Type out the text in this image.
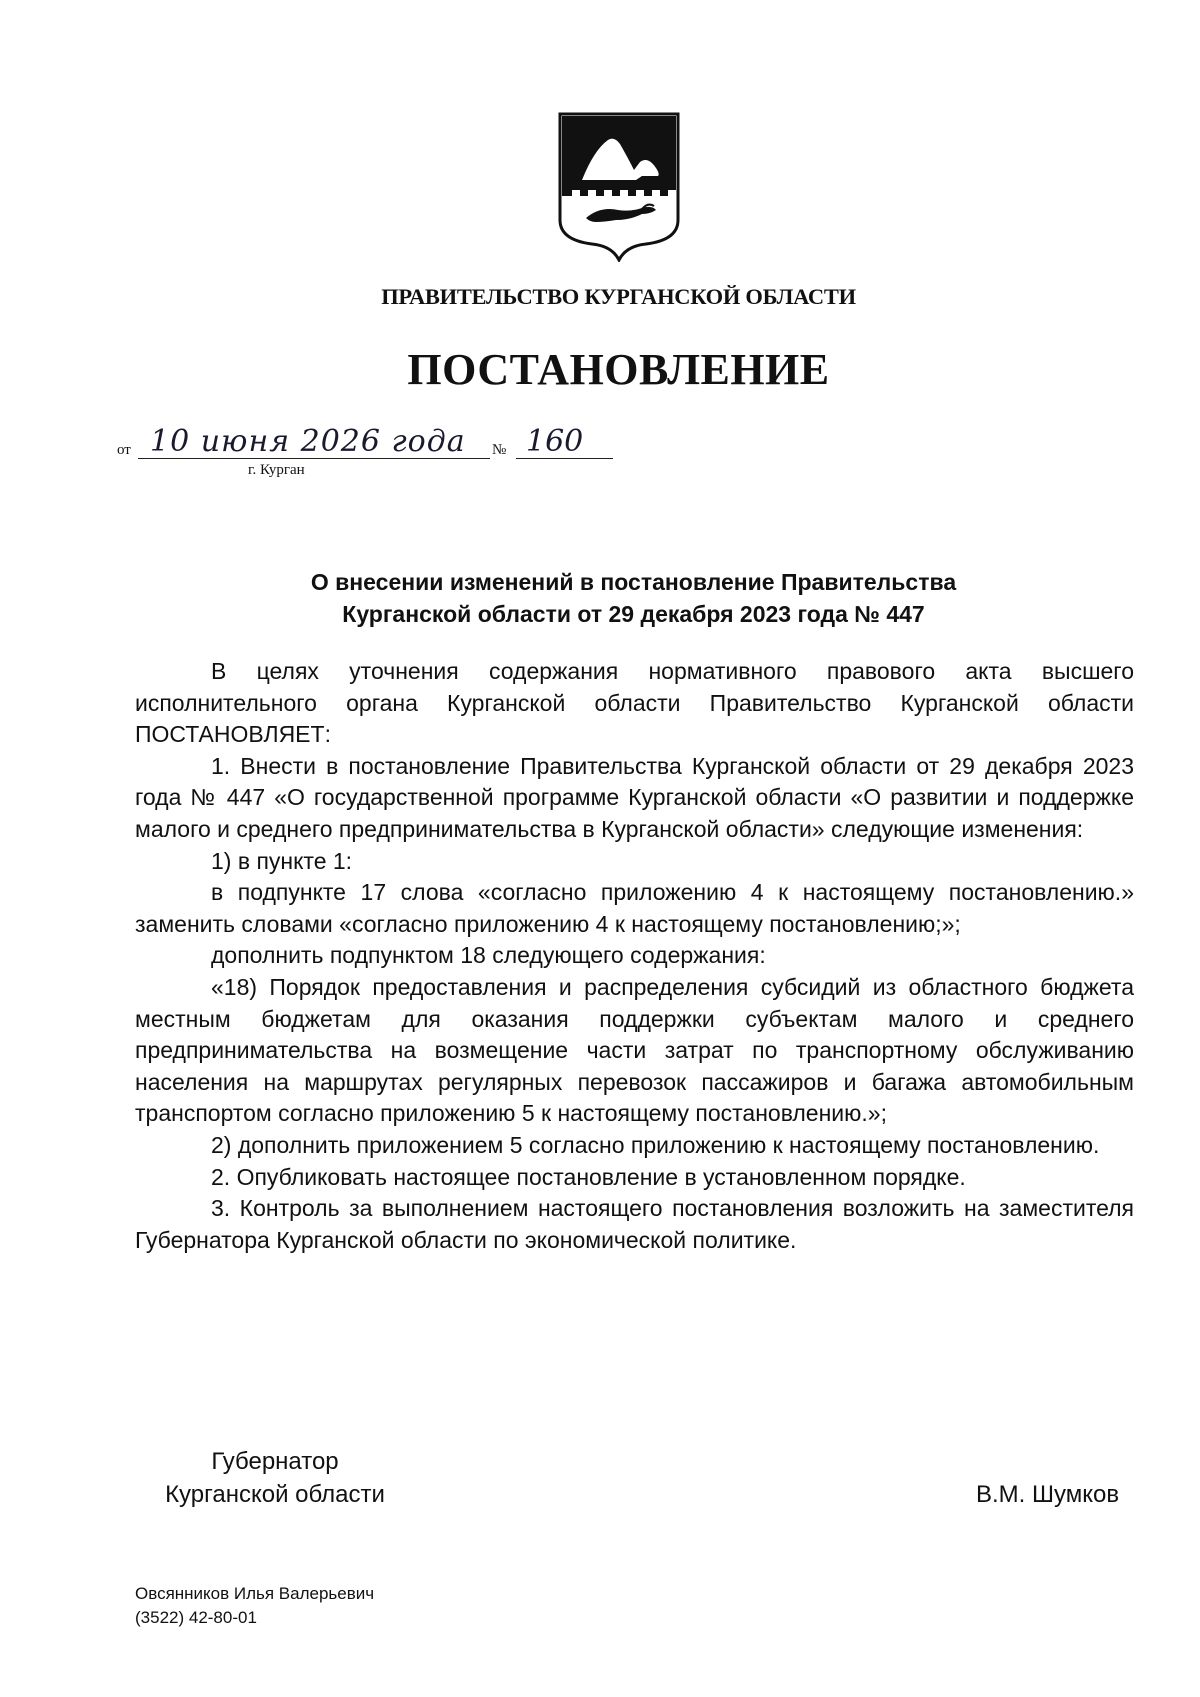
ПРАВИТЕЛЬСТВО КУРГАНСКОЙ ОБЛАСТИ
ПОСТАНОВЛЕНИЕ
от 10 июня 2026 года № 160
г. Курган
О внесении изменений в постановление Правительства
Курганской области от 29 декабря 2023 года № 447

В целях уточнения содержания нормативного правового акта высшего исполнительного органа Курганской области Правительство Курганской области ПОСТАНОВЛЯЕТ:

1. Внести в постановление Правительства Курганской области от 29 декабря 2023 года № 447 «О государственной программе Курганской области «О развитии и поддержке малого и среднего предпринимательства в Курганской области» следующие изменения:

1) в пункте 1:

в подпункте 17 слова «согласно приложению 4 к настоящему постановлению.» заменить словами «согласно приложению 4 к настоящему постановлению;»;

дополнить подпунктом 18 следующего содержания:

«18) Порядок предоставления и распределения субсидий из областного бюджета местным бюджетам для оказания поддержки субъектам малого и среднего предпринимательства на возмещение части затрат по транспортному обслуживанию населения на маршрутах регулярных перевозок пассажиров и багажа автомобильным транспортом согласно приложению 5 к настоящему постановлению.»;

2) дополнить приложением 5 согласно приложению к настоящему постановлению.

2. Опубликовать настоящее постановление в установленном порядке.

3. Контроль за выполнением настоящего постановления возложить на заместителя Губернатора Курганской области по экономической политике.

Губернатор
Курганской области	В.М. Шумков
Овсянников Илья Валерьевич
(3522) 42-80-01
